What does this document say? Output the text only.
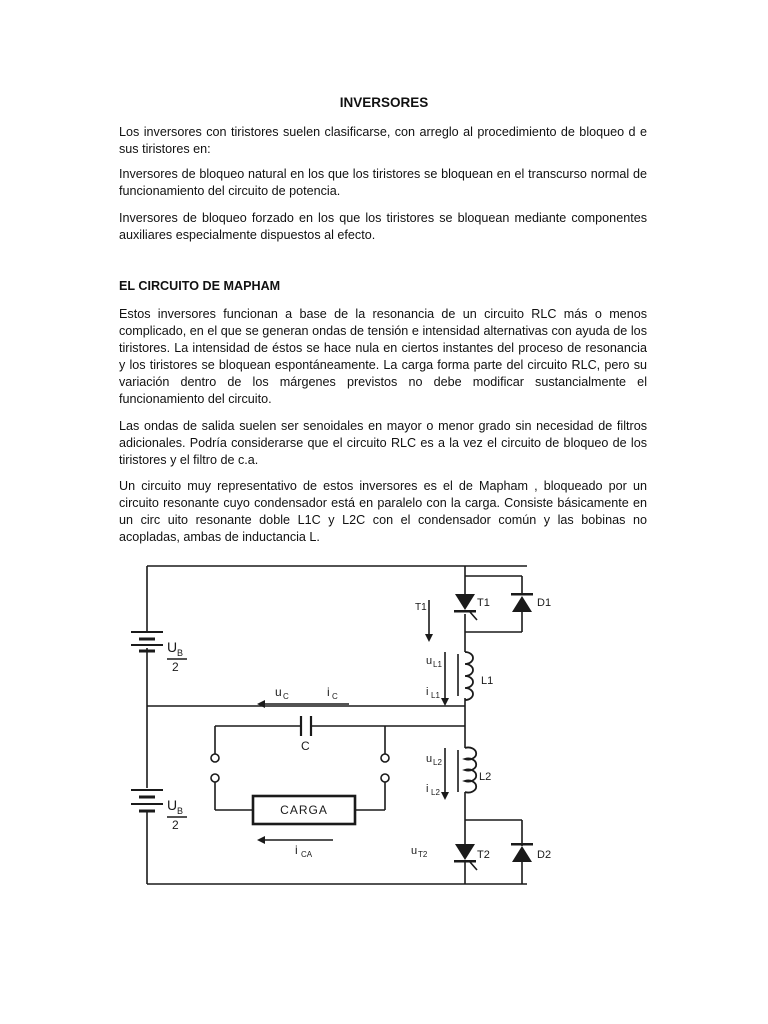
INVERSORES

Los inversores con tiristores suelen clasificarse, con arreglo al procedimiento de bloqueo d e sus tiristores en:

Inversores de bloqueo natural en los que los tiristores se bloquean en el transcurso normal de funcionamiento del circuito de potencia.

Inversores de bloqueo forzado en los que los tiristores se bloquean mediante componentes auxiliares especialmente dispuestos al efecto.

EL CIRCUITO DE MAPHAM

Estos inversores funcionan a base de la resonancia de un circuito RLC más o menos complicado, en el que se generan ondas de tensión e intensidad alternativas con ayuda de los tiristores. La intensidad de éstos se hace nula en ciertos instantes del proceso de resonancia y los tiristores se bloquean espontáneamente. La carga forma parte del circuito RLC, pero su variación dentro de los márgenes previstos no debe modificar sustancialmente el funcionamiento del circuito.

Las ondas de salida suelen ser senoidales en mayor o menor grado sin necesidad de filtros adicionales. Podría considerarse que el circuito RLC es a la vez el circuito de bloqueo de los tiristores y el filtro de c.a.

Un circuito muy representativo de estos inversores es el de Mapham , bloqueado por un circuito resonante cuyo condensador está en paralelo con la carga. Consiste básicamente en un circ uito resonante doble L1C y L2C con el condensador común y las bobinas no acopladas, ambas de inductancia L.

T1	T1	D1
U B
2	u L1
i L1
L1
u C	i C
C
u L2
i L2
L2
U B
2
CARGA
i CA	u T2	T2	D2
